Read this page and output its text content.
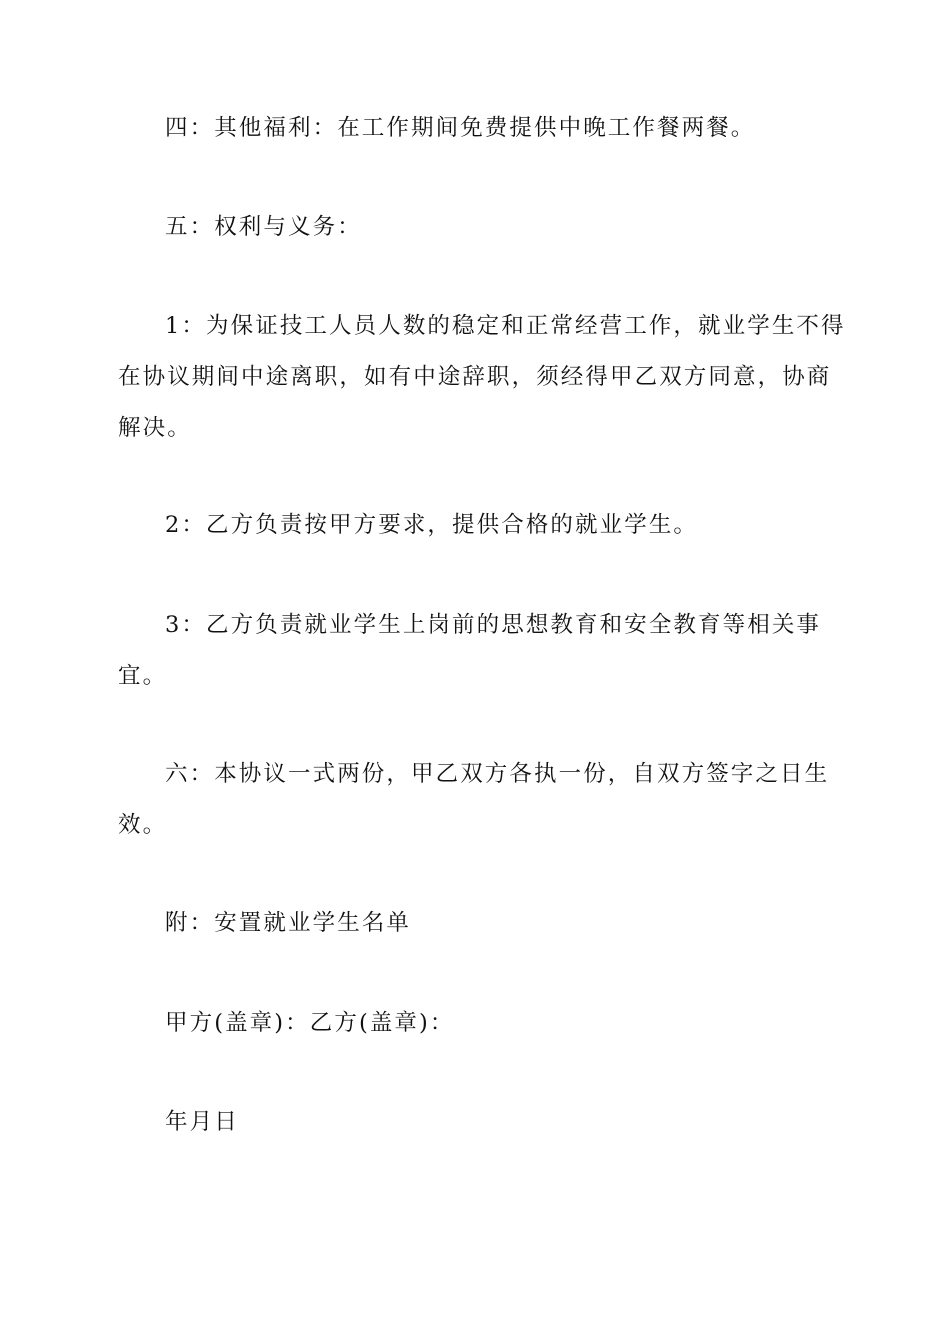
四：其他福利：在工作期间免费提供中晚工作餐两餐。

五：权利与义务：

1：为保证技工人员人数的稳定和正常经营工作，就业学生不得在协议期间中途离职，如有中途辞职，须经得甲乙双方同意，协商解决。

2：乙方负责按甲方要求，提供合格的就业学生。

3：乙方负责就业学生上岗前的思想教育和安全教育等相关事宜。

六：本协议一式两份，甲乙双方各执一份，自双方签字之日生效。

附：安置就业学生名单

甲方(盖章)：乙方(盖章)：

年月日
